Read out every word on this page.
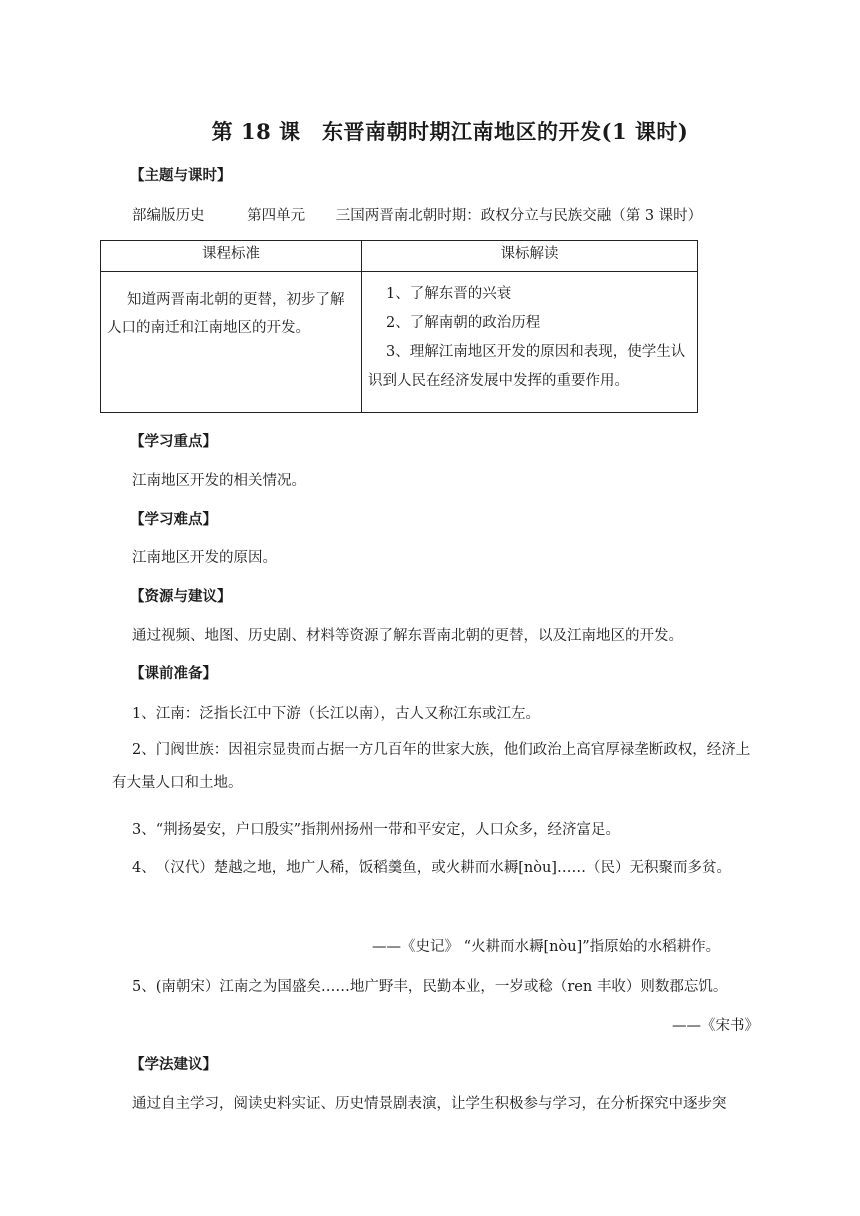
第 18 课　东晋南朝时期江南地区的开发(1 课时)
【主题与课时】
部编版历史	第四单元 三国两晋南北朝时期：政权分立与民族交融（第 3 课时）
课程标准	课标解读
知道两晋南北朝的更替，初步了解人口的南迁和江南地区的开发。	1、了解东晋的兴衰
2、了解南朝的政治历程
3、理解江南地区开发的原因和表现，使学生认识到人民在经济发展中发挥的重要作用。
【学习重点】
江南地区开发的相关情况。
【学习难点】
江南地区开发的原因。
【资源与建议】
通过视频、地图、历史剧、材料等资源了解东晋南北朝的更替，以及江南地区的开发。
【课前准备】
1、江南：泛指长江中下游（长江以南），古人又称江东或江左。
2、门阀世族：因祖宗显贵而占据一方几百年的世家大族，他们政治上高官厚禄垄断政权，经济上有大量人口和土地。
3、“荆扬晏安，户口殷实”指荆州扬州一带和平安定，人口众多，经济富足。
4、　（汉代）楚越之地，地广人稀，饭稻羹鱼，或火耕而水耨[nòu]……（民）无积聚而多贫。
——《史记》 “火耕而水耨[nòu]”指原始的水稻耕作。
5、(南朝宋）江南之为国盛矣……地广野丰，民勤本业，一岁或稔（ren 丰收）则数郡忘饥。
——《宋书》
【学法建议】
通过自主学习，阅读史料实证、历史情景剧表演，让学生积极参与学习，在分析探究中逐步突
